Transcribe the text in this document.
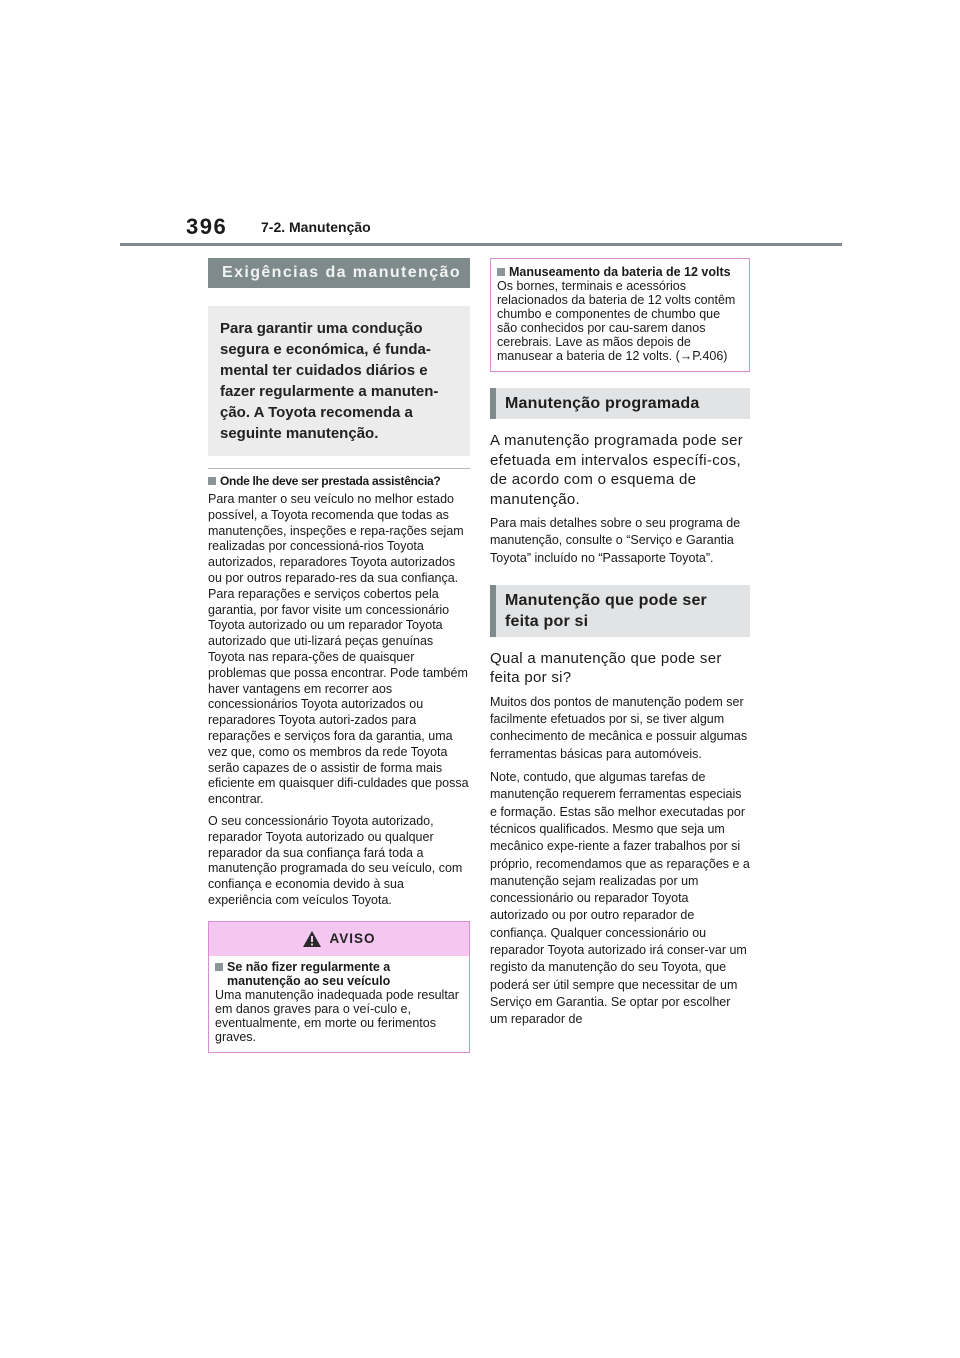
396 7-2. Manutenção
Exigências da manutenção
Para garantir uma condução segura e económica, é funda-mental ter cuidados diários e fazer regularmente a manuten-ção. A Toyota recomenda a seguinte manutenção.
Onde lhe deve ser prestada assistência?

Para manter o seu veículo no melhor estado possível, a Toyota recomenda que todas as manutenções, inspeções e repa-rações sejam realizadas por concessioná-rios Toyota autorizados, reparadores Toyota autorizados ou por outros reparado-res da sua confiança. Para reparações e serviços cobertos pela garantia, por favor visite um concessionário Toyota autorizado ou um reparador Toyota autorizado que uti-lizará peças genuínas Toyota nas repara-ções de quaisquer problemas que possa encontrar. Pode também haver vantagens em recorrer aos concessionários Toyota autorizados ou reparadores Toyota autori-zados para reparações e serviços fora da garantia, uma vez que, como os membros da rede Toyota serão capazes de o assistir de forma mais eficiente em quaisquer difi-culdades que possa encontrar.

O seu concessionário Toyota autorizado, reparador Toyota autorizado ou qualquer reparador da sua confiança fará toda a manutenção programada do seu veículo, com confiança e economia devido à sua experiência com veículos Toyota.

AVISO
Se não fizer regularmente a manutenção ao seu veículo
Uma manutenção inadequada pode resultar em danos graves para o veí-culo e, eventualmente, em morte ou ferimentos graves.
Manuseamento da bateria de 12 volts
Os bornes, terminais e acessórios relacionados da bateria de 12 volts contêm chumbo e componentes de chumbo que são conhecidos por cau-sarem danos cerebrais. Lave as mãos depois de manusear a bateria de 12 volts. (→P.406)
Manutenção programada
A manutenção programada pode ser efetuada em intervalos específi-cos, de acordo com o esquema de manutenção.

Para mais detalhes sobre o seu programa de manutenção, consulte o “Serviço e Garantia Toyota” incluído no “Passaporte Toyota”.

Manutenção que pode ser feita por si
Qual a manutenção que pode ser feita por si?

Muitos dos pontos de manutenção podem ser facilmente efetuados por si, se tiver algum conhecimento de mecânica e possuir algumas ferramentas básicas para automóveis.

Note, contudo, que algumas tarefas de manutenção requerem ferramentas especiais e formação. Estas são melhor executadas por técnicos qualificados. Mesmo que seja um mecânico expe-riente a fazer trabalhos por si próprio, recomendamos que as reparações e a manutenção sejam realizadas por um concessionário ou reparador Toyota autorizado ou por outro reparador de confiança. Qualquer concessionário ou reparador Toyota autorizado irá conser-var um registo da manutenção do seu Toyota, que poderá ser útil sempre que necessitar de um Serviço em Garantia. Se optar por escolher um reparador de
